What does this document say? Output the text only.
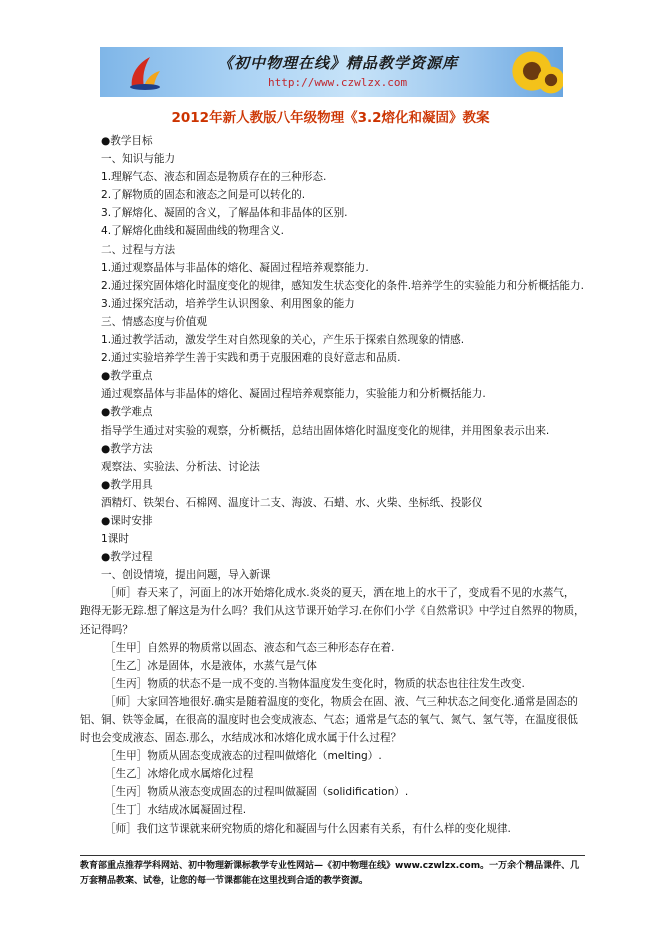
《初中物理在线》精品教学资源库
http://www.czwlzx.com
2012年新人教版八年级物理《3.2熔化和凝固》教案

●教学目标

一、知识与能力

1.理解气态、液态和固态是物质存在的三种形态.

2.了解物质的固态和液态之间是可以转化的.

3.了解熔化、凝固的含义，了解晶体和非晶体的区别.

4.了解熔化曲线和凝固曲线的物理含义.

二、过程与方法

1.通过观察晶体与非晶体的熔化、凝固过程培养观察能力.

2.通过探究固体熔化时温度变化的规律，感知发生状态变化的条件.培养学生的实验能力和分析概括能力.

3.通过探究活动，培养学生认识图象、利用图象的能力

三、情感态度与价值观

1.通过教学活动，激发学生对自然现象的关心，产生乐于探索自然现象的情感.

2.通过实验培养学生善于实践和勇于克服困难的良好意志和品质.

●教学重点

通过观察晶体与非晶体的熔化、凝固过程培养观察能力，实验能力和分析概括能力.

●教学难点

指导学生通过对实验的观察，分析概括，总结出固体熔化时温度变化的规律，并用图象表示出来.

●教学方法

观察法、实验法、分析法、讨论法

●教学用具

酒精灯、铁架台、石棉网、温度计二支、海波、石蜡、水、火柴、坐标纸、投影仪

●课时安排

1课时

●教学过程

一、创设情境，提出问题，导入新课

［师］春天来了，河面上的冰开始熔化成水.炎炎的夏天，洒在地上的水干了，变成看不见的水蒸气，跑得无影无踪.想了解这是为什么吗？我们从这节课开始学习.在你们小学《自然常识》中学过自然界的物质，还记得吗？

［生甲］自然界的物质常以固态、液态和气态三种形态存在着.

［生乙］冰是固体，水是液体，水蒸气是气体

［生丙］物质的状态不是一成不变的.当物体温度发生变化时，物质的状态也往往发生改变.

［师］大家回答地很好.确实是随着温度的变化，物质会在固、液、气三种状态之间变化.通常是固态的铝、铜、铁等金属，在很高的温度时也会变成液态、气态；通常是气态的氧气、氮气、氢气等，在温度很低时也会变成液态、固态.那么，水结成冰和冰熔化成水属于什么过程？

［生甲］物质从固态变成液态的过程叫做熔化（melting）.

［生乙］冰熔化成水属熔化过程

［生丙］物质从液态变成固态的过程叫做凝固（solidification）.

［生丁］水结成冰属凝固过程.

［师］我们这节课就来研究物质的熔化和凝固与什么因素有关系，有什么样的变化规律.

教育部重点推荐学科网站、初中物理新课标教学专业性网站—《初中物理在线》www.czwlzx.com。一万余个精品课件、几万套精品教案、试卷，让您的每一节课都能在这里找到合适的教学资源。
